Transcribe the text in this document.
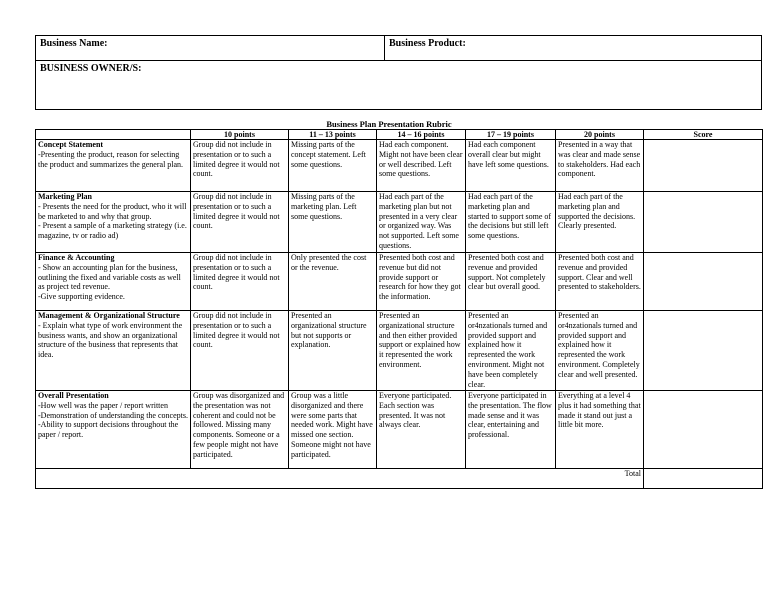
Business Name:	Business Product:
BUSINESS OWNER/S:
Business Plan Presentation Rubric
	10 points	11 – 13 points	14 – 16 points	17 – 19 points	20 points	Score

Concept Statement
-Presenting the product, reason for selecting the product and summarizes the general plan.	Group did not include in presentation or to such a limited degree it would not count.	Missing parts of the concept statement. Left some questions.	Had each component. Might not have been clear or well described. Left some questions.	Had each component overall clear but might have left some questions.	Presented in a way that was clear and made sense to stakeholders. Had each component.	

Marketing Plan
- Presents the need for the product, who it will be marketed to and why that group.
- Present a sample of a marketing strategy (i.e. magazine, tv or radio ad)	Group did not include in presentation or to such a limited degree it would not count.	Missing parts of the marketing plan. Left some questions.	Had each part of the marketing plan but not presented in a very clear or organized way. Was not supported. Left some questions.	Had each part of the marketing plan and started to support some of the decisions but still left some questions.	Had each part of the marketing plan and supported the decisions. Clearly presented.	

Finance & Accounting
- Show an accounting plan for the business, outlining the fixed and variable costs as well as project ted revenue.
-Give supporting evidence.	Group did not include in presentation or to such a limited degree it would not count.	Only presented the cost or the revenue.	Presented both cost and revenue but did not provide support or research for how they got the information.	Presented both cost and revenue and provided support. Not completely clear but overall good.	Presented both cost and revenue and provided support. Clear and well presented to stakeholders.	

Management & Organizational Structure
- Explain what type of work environment the business wants, and show an organizational structure of the business that represents that idea.	Group did not include in presentation or to such a limited degree it would not count.	Presented an organizational structure but not supports or explanation.	Presented an organizational structure and then either provided support or explained how it represented the work environment.	Presented an or4nzationals turned and provided support and explained how it represented the work environment. Might not have been completely clear.	Presented an or4nzationals turned and provided support and explained how it represented the work environment. Completely clear and well presented.	

Overall Presentation
-How well was the paper / report written
-Demonstration of understanding the concepts.
-Ability to support decisions throughout the paper / report.	Group was disorganized and the presentation was not coherent and could not be followed. Missing many components. Someone or a few people might not have participated.	Group was a little disorganized and there were some parts that needed work. Might have missed one section. Someone might not have participated.	Everyone participated. Each section was presented. It was not always clear.	Everyone participated in the presentation. The flow made sense and it was clear, entertaining and professional.	Everything at a level 4 plus it had something that made it stand out just a little bit more.	
Total						
